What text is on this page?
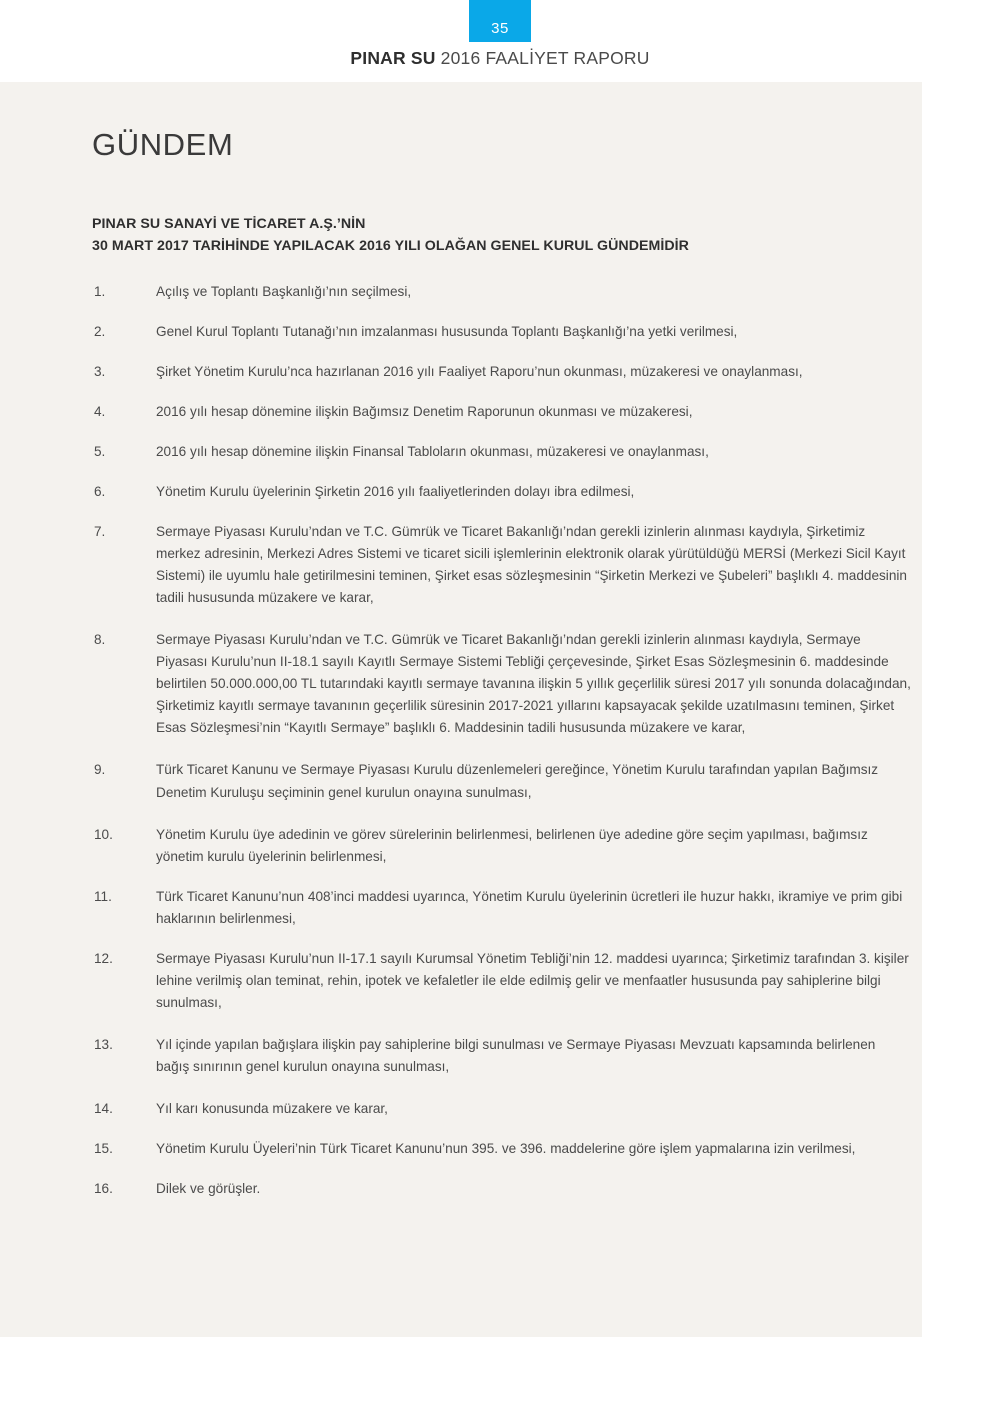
35
PINAR SU 2016 FAALİYET RAPORU
GÜNDEM
PINAR SU SANAYİ VE TİCARET A.Ş.’NİN
30 MART 2017 TARİHİNDE YAPILACAK 2016 YILI OLAĞAN GENEL KURUL GÜNDEMİDİR
1.	Açılış ve Toplantı Başkanlığı’nın seçilmesi,
2.	Genel Kurul Toplantı Tutanağı’nın imzalanması hususunda Toplantı Başkanlığı’na yetki verilmesi,
3.	Şirket Yönetim Kurulu’nca hazırlanan 2016 yılı Faaliyet Raporu’nun okunması, müzakeresi ve onaylanması,
4.	2016 yılı hesap dönemine ilişkin Bağımsız Denetim Raporunun okunması ve müzakeresi,
5.	2016 yılı hesap dönemine ilişkin Finansal Tabloların okunması, müzakeresi ve onaylanması,
6.	Yönetim Kurulu üyelerinin Şirketin 2016 yılı faaliyetlerinden dolayı ibra edilmesi,
7.	Sermaye Piyasası Kurulu’ndan ve T.C. Gümrük ve Ticaret Bakanlığı’ndan gerekli izinlerin alınması kaydıyla, Şirketimiz merkez adresinin, Merkezi Adres Sistemi ve ticaret sicili işlemlerinin elektronik olarak yürütüldüğü MERSİ (Merkezi Sicil Kayıt Sistemi) ile uyumlu hale getirilmesini teminen, Şirket esas sözleşmesinin “Şirketin Merkezi ve Şubeleri” başlıklı 4. maddesinin tadili hususunda müzakere ve karar,
8.	Sermaye Piyasası Kurulu’ndan ve T.C. Gümrük ve Ticaret Bakanlığı’ndan gerekli izinlerin alınması kaydıyla, Sermaye Piyasası Kurulu’nun II-18.1 sayılı Kayıtlı Sermaye Sistemi Tebliği çerçevesinde, Şirket Esas Sözleşmesinin 6. maddesinde belirtilen 50.000.000,00 TL tutarındaki kayıtlı sermaye tavanına ilişkin 5 yıllık geçerlilik süresi 2017 yılı sonunda dolacağından, Şirketimiz kayıtlı sermaye tavanının geçerlilik süresinin 2017-2021 yıllarını kapsayacak şekilde uzatılmasını teminen, Şirket Esas Sözleşmesi’nin “Kayıtlı Sermaye” başlıklı 6. Maddesinin tadili hususunda müzakere ve karar,
9.	Türk Ticaret Kanunu ve Sermaye Piyasası Kurulu düzenlemeleri gereğince, Yönetim Kurulu tarafından yapılan Bağımsız Denetim Kuruluşu seçiminin genel kurulun onayına sunulması,
10.	Yönetim Kurulu üye adedinin ve görev sürelerinin belirlenmesi, belirlenen üye adedine göre seçim yapılması, bağımsız yönetim kurulu üyelerinin belirlenmesi,
11.	Türk Ticaret Kanunu’nun 408’inci maddesi uyarınca, Yönetim Kurulu üyelerinin ücretleri ile huzur hakkı, ikramiye ve prim gibi haklarının belirlenmesi,
12.	Sermaye Piyasası Kurulu’nun II-17.1 sayılı Kurumsal Yönetim Tebliği’nin 12. maddesi uyarınca; Şirketimiz tarafından 3. kişiler lehine verilmiş olan teminat, rehin, ipotek ve kefaletler ile elde edilmiş gelir ve menfaatler hususunda pay sahiplerine bilgi sunulması,
13.	Yıl içinde yapılan bağışlara ilişkin pay sahiplerine bilgi sunulması ve Sermaye Piyasası Mevzuatı kapsamında belirlenen bağış sınırının genel kurulun onayına sunulması,
14.	Yıl karı konusunda müzakere ve karar,
15.	Yönetim Kurulu Üyeleri’nin Türk Ticaret Kanunu’nun 395. ve 396. maddelerine göre işlem yapmalarına izin verilmesi,
16.	Dilek ve görüşler.
